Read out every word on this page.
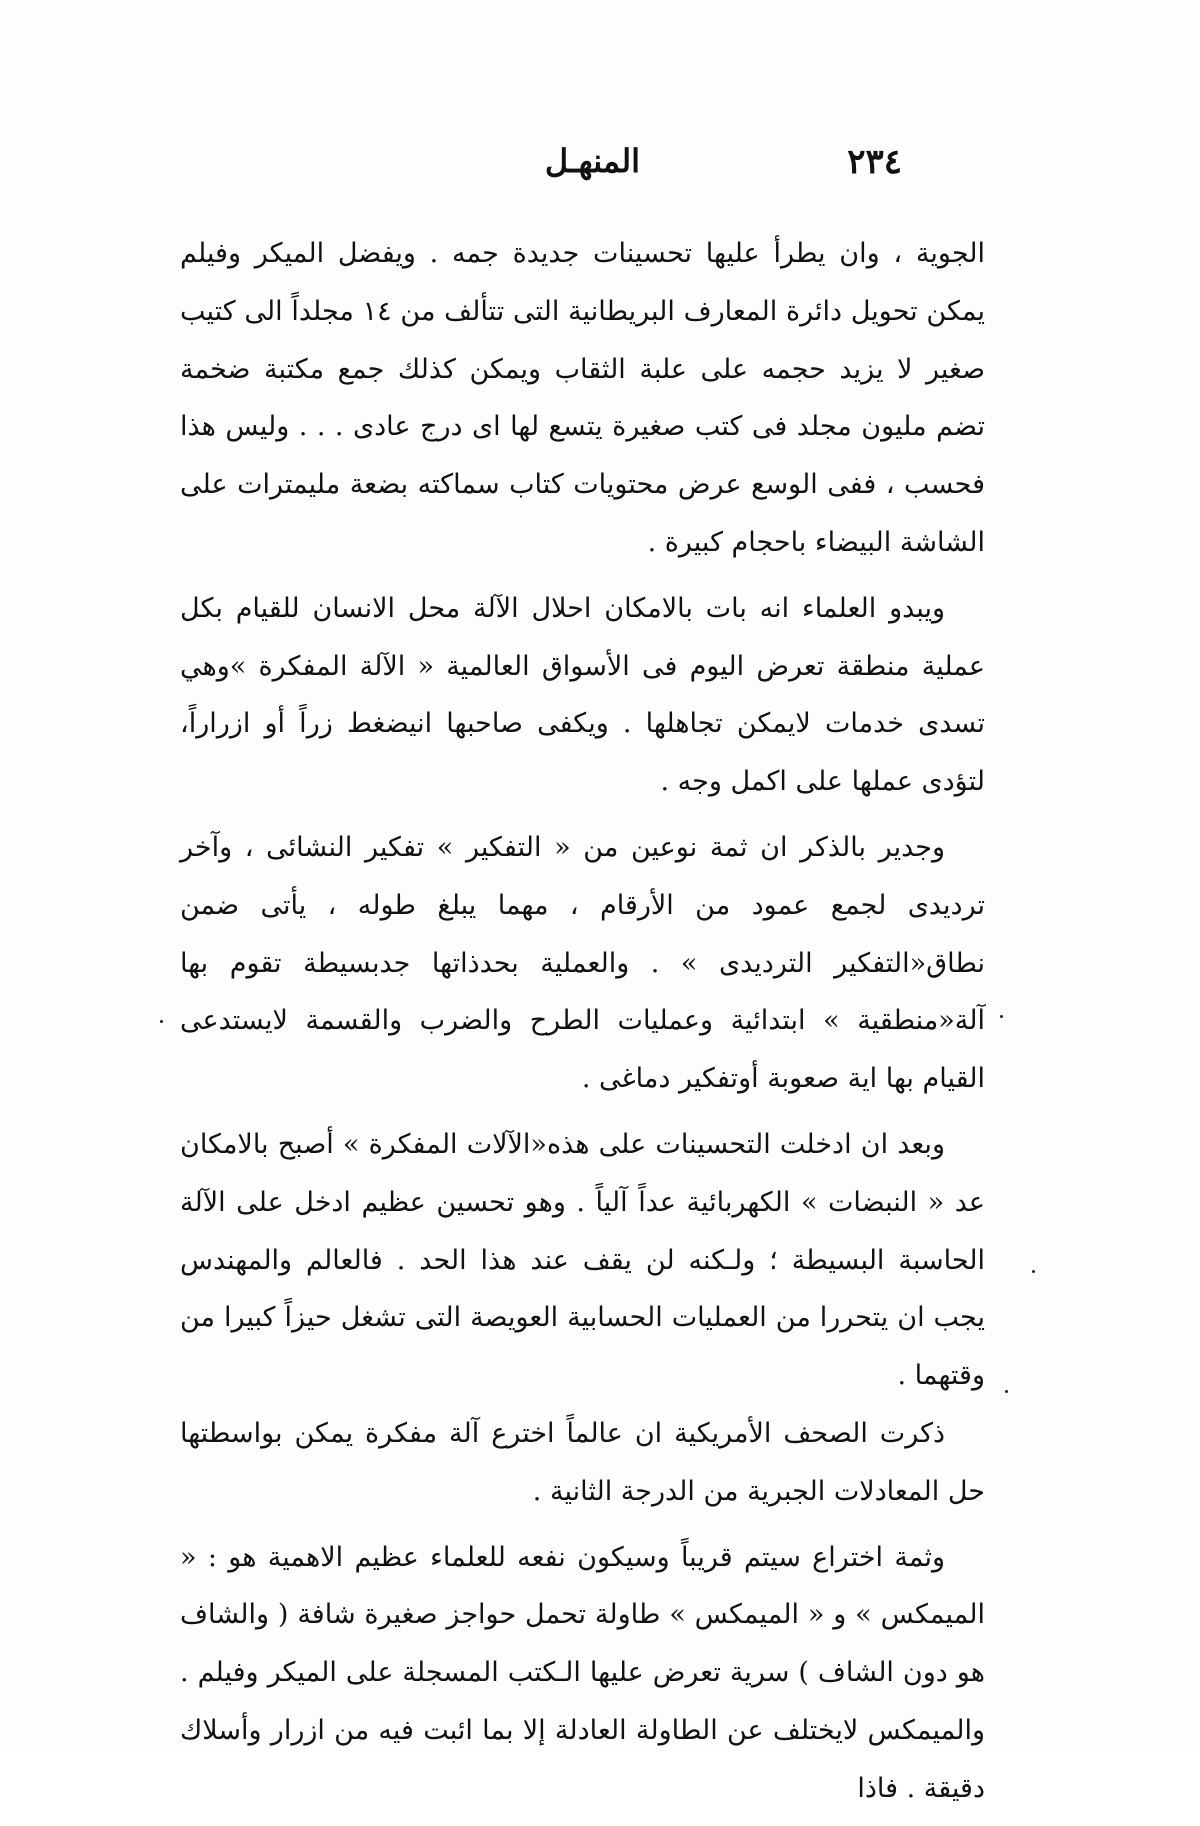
٢٣٤
المنهـل

الجوية ، وان يطرأ عليها تحسينات جديدة جمه . ويفضل الميكر وفيلم يمكن تحويل دائرة المعارف البريطانية التى تتألف من ١٤ مجلداً الى كتيب صغير لا يزيد حجمه على علبة الثقاب ويمكن كذلك جمع مكتبة ضخمة تضم مليون مجلد فى كتب صغيرة يتسع لها اى درج عادى . . . وليس هذا فحسب ، ففى الوسع عرض محتويات كتاب سماكته بضعة مليمترات على الشاشة البيضاء باحجام كبيرة .

ويبدو العلماء انه بات بالامكان احلال الآلة محل الانسان للقيام بكل عملية منطقة تعرض اليوم فى الأسواق العالمية « الآلة المفكرة »وهي تسدى خدمات لايمكن تجاهلها . ويكفى صاحبها انيضغط زراً أو ازراراً، لتؤدى عملها على اكمل وجه .

وجدير بالذكر ان ثمة نوعين من « التفكير » تفكير النشائى ، وآخر ترديدى لجمع عمود من الأرقام ، مهما يبلغ طوله ، يأتى ضمن نطاق«التفكير الترديدى » . والعملية بحدذاتها جدبسيطة تقوم بها آلة«منطقية » ابتدائية وعمليات الطرح والضرب والقسمة لايستدعى القيام بها اية صعوبة أوتفكير دماغى .

وبعد ان ادخلت التحسينات على هذه«الآلات المفكرة » أصبح بالامكان عد « النبضات » الكهربائية عداً آلياً . وهو تحسين عظيم ادخل على الآلة الحاسبة البسيطة ؛ ولـكنه لن يقف عند هذا الحد . فالعالم والمهندس يجب ان يتحررا من العمليات الحسابية العويصة التى تشغل حيزاً كبيرا من وقتهما .

ذكرت الصحف الأمريكية ان عالماً اخترع آلة مفكرة يمكن بواسطتها حل المعادلات الجبرية من الدرجة الثانية .

وثمة اختراع سيتم قريباً وسيكون نفعه للعلماء عظيم الاهمية هو : « الميمكس » و « الميمكس » طاولة تحمل حواجز صغيرة شافة ( والشاف هو دون الشاف ) سرية تعرض عليها الـكتب المسجلة على الميكر وفيلم . والميمكس لايختلف عن الطاولة العادلة إلا بما ائبت فيه من ازرار وأسلاك دقيقة . فاذا
